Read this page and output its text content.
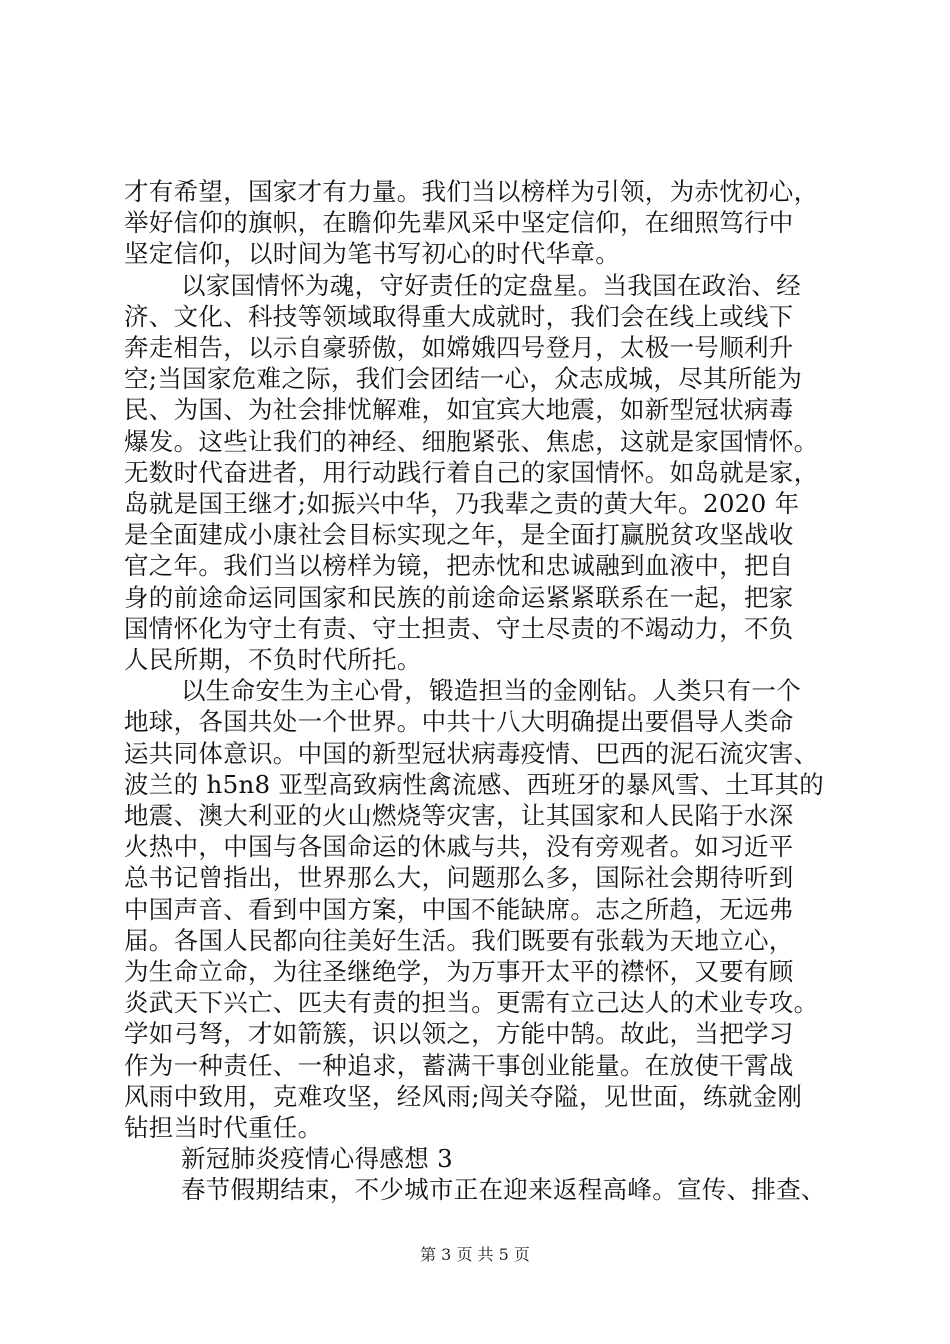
才有希望，国家才有力量。我们当以榜样为引领，为赤忱初心，
举好信仰的旗帜，在瞻仰先辈风采中坚定信仰，在细照笃行中
坚定信仰，以时间为笔书写初心的时代华章。
以家国情怀为魂，守好责任的定盘星。当我国在政治、经
济、文化、科技等领域取得重大成就时，我们会在线上或线下
奔走相告，以示自豪骄傲，如嫦娥四号登月，太极一号顺利升
空;当国家危难之际，我们会团结一心，众志成城，尽其所能为
民、为国、为社会排忧解难，如宜宾大地震，如新型冠状病毒
爆发。这些让我们的神经、细胞紧张、焦虑，这就是家国情怀。
无数时代奋进者，用行动践行着自己的家国情怀。如岛就是家，
岛就是国王继才;如振兴中华，乃我辈之责的黄大年。2020 年
是全面建成小康社会目标实现之年，是全面打赢脱贫攻坚战收
官之年。我们当以榜样为镜，把赤忱和忠诚融到血液中，把自
身的前途命运同国家和民族的前途命运紧紧联系在一起，把家
国情怀化为守土有责、守土担责、守土尽责的不竭动力，不负
人民所期，不负时代所托。
以生命安生为主心骨，锻造担当的金刚钻。人类只有一个
地球，各国共处一个世界。中共十八大明确提出要倡导人类命
运共同体意识。中国的新型冠状病毒疫情、巴西的泥石流灾害、
波兰的 h5n8 亚型高致病性禽流感、西班牙的暴风雪、土耳其的
地震、澳大利亚的火山燃烧等灾害，让其国家和人民陷于水深
火热中，中国与各国命运的休戚与共，没有旁观者。如习近平
总书记曾指出，世界那么大，问题那么多，国际社会期待听到
中国声音、看到中国方案，中国不能缺席。志之所趋，无远弗
届。各国人民都向往美好生活。我们既要有张载为天地立心，
为生命立命，为往圣继绝学，为万事开太平的襟怀，又要有顾
炎武天下兴亡、匹夫有责的担当。更需有立己达人的术业专攻。
学如弓弩，才如箭簇，识以领之，方能中鹄。故此，当把学习
作为一种责任、一种追求，蓄满干事创业能量。在放使干霄战
风雨中致用，克难攻坚，经风雨;闯关夺隘，见世面，练就金刚
钻担当时代重任。
新冠肺炎疫情心得感想 3
春节假期结束，不少城市正在迎来返程高峰。宣传、排查、
第 3 页 共 5 页
